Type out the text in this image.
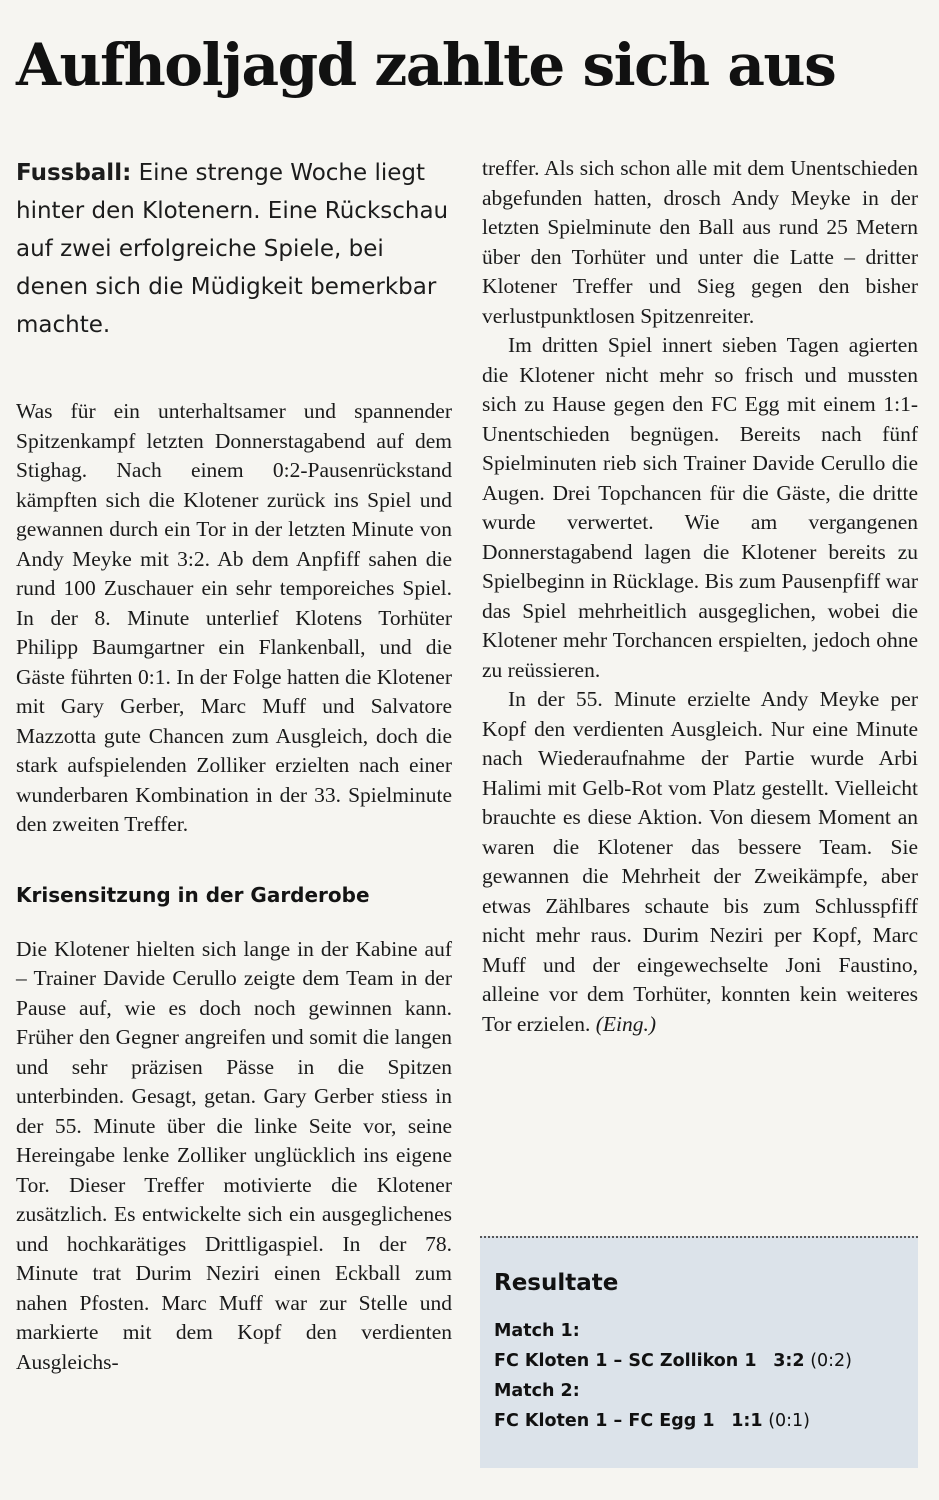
Aufholjagd zahlte sich aus

Fussball: Eine strenge Woche liegt hinter den Klotenern. Eine Rückschau auf zwei erfolgreiche Spiele, bei denen sich die Müdigkeit bemerkbar machte.

Was für ein unterhaltsamer und spannender Spitzenkampf letzten Donnerstagabend auf dem Stighag. Nach einem 0:2-Pausenrückstand kämpften sich die Klotener zurück ins Spiel und gewannen durch ein Tor in der letzten Minute von Andy Meyke mit 3:2. Ab dem Anpfiff sahen die rund 100 Zuschauer ein sehr temporeiches Spiel. In der 8. Minute unterlief Klotens Torhüter Philipp Baumgartner ein Flankenball, und die Gäste führten 0:1. In der Folge hatten die Klotener mit Gary Gerber, Marc Muff und Salvatore Mazzotta gute Chancen zum Ausgleich, doch die stark aufspielenden Zolliker erzielten nach einer wunderbaren Kombination in der 33. Spielminute den zweiten Treffer.

Krisensitzung in der Garderobe

Die Klotener hielten sich lange in der Kabine auf – Trainer Davide Cerullo zeigte dem Team in der Pause auf, wie es doch noch gewinnen kann. Früher den Gegner angreifen und somit die langen und sehr präzisen Pässe in die Spitzen unterbinden. Gesagt, getan. Gary Gerber stiess in der 55. Minute über die linke Seite vor, seine Hereingabe lenke Zolliker unglücklich ins eigene Tor. Dieser Treffer motivierte die Klotener zusätzlich. Es entwickelte sich ein ausgeglichenes und hochkarätiges Drittligaspiel. In der 78. Minute trat Durim Neziri einen Eckball zum nahen Pfosten. Marc Muff war zur Stelle und markierte mit dem Kopf den verdienten Ausgleichs-

treffer. Als sich schon alle mit dem Unentschieden abgefunden hatten, drosch Andy Meyke in der letzten Spielminute den Ball aus rund 25 Metern über den Torhüter und unter die Latte – dritter Klotener Treffer und Sieg gegen den bisher verlustpunktlosen Spitzenreiter.

Im dritten Spiel innert sieben Tagen agierten die Klotener nicht mehr so frisch und mussten sich zu Hause gegen den FC Egg mit einem 1:1-Unentschieden begnügen. Bereits nach fünf Spielminuten rieb sich Trainer Davide Cerullo die Augen. Drei Topchancen für die Gäste, die dritte wurde verwertet. Wie am vergangenen Donnerstagabend lagen die Klotener bereits zu Spielbeginn in Rücklage. Bis zum Pausenpfiff war das Spiel mehrheitlich ausgeglichen, wobei die Klotener mehr Torchancen erspielten, jedoch ohne zu reüssieren.

In der 55. Minute erzielte Andy Meyke per Kopf den verdienten Ausgleich. Nur eine Minute nach Wiederaufnahme der Partie wurde Arbi Halimi mit Gelb-Rot vom Platz gestellt. Vielleicht brauchte es diese Aktion. Von diesem Moment an waren die Klotener das bessere Team. Sie gewannen die Mehrheit der Zweikämpfe, aber etwas Zählbares schaute bis zum Schlusspfiff nicht mehr raus. Durim Neziri per Kopf, Marc Muff und der eingewechselte Joni Faustino, alleine vor dem Torhüter, konnten kein weiteres Tor erzielen. (Eing.)

Resultate

Match 1:

FC Kloten 1 – SC Zollikon 1 3:2 (0:2)

Match 2:

FC Kloten 1 – FC Egg 1 1:1 (0:1)
